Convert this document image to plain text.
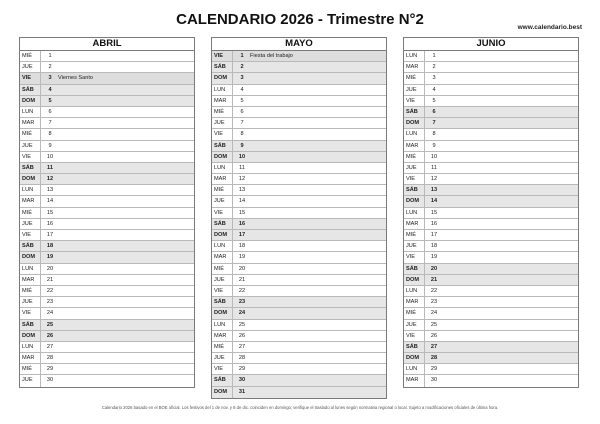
CALENDARIO 2026 - Trimestre N°2	www.calendario.best
ABRIL
MIÉ	1
JUE	2
VIE	3	Viernes Santo
SÁB	4
DOM	5
LUN	6
MAR	7
MIÉ	8
JUE	9
VIE	10
SÁB	11
DOM	12
LUN	13
MAR	14
MIÉ	15
JUE	16
VIE	17
SÁB	18
DOM	19
LUN	20
MAR	21
MIÉ	22
JUE	23
VIE	24
SÁB	25
DOM	26
LUN	27
MAR	28
MIÉ	29
JUE	30
MAYO
VIE	1	Fiesta del trabajo
SÁB	2
DOM	3
LUN	4
MAR	5
MIÉ	6
JUE	7
VIE	8
SÁB	9
DOM	10
LUN	11
MAR	12
MIÉ	13
JUE	14
VIE	15
SÁB	16
DOM	17
LUN	18
MAR	19
MIÉ	20
JUE	21
VIE	22
SÁB	23
DOM	24
LUN	25
MAR	26
MIÉ	27
JUE	28
VIE	29
SÁB	30
DOM	31
JUNIO
LUN	1
MAR	2
MIÉ	3
JUE	4
VIE	5
SÁB	6
DOM	7
LUN	8
MAR	9
MIÉ	10
JUE	11
VIE	12
SÁB	13
DOM	14
LUN	15
MAR	16
MIÉ	17
JUE	18
VIE	19
SÁB	20
DOM	21
LUN	22
MAR	23
MIÉ	24
JUE	25
VIE	26
SÁB	27
DOM	28
LUN	29
MAR	30
Calendario 2026 basado en el BOE oficial. Los festivos del 1 de nov. y 8 de dic. coinciden en domingo; verifique el traslado al lunes según normativa regional o local. Sujeto a modificaciones oficiales de última hora.
